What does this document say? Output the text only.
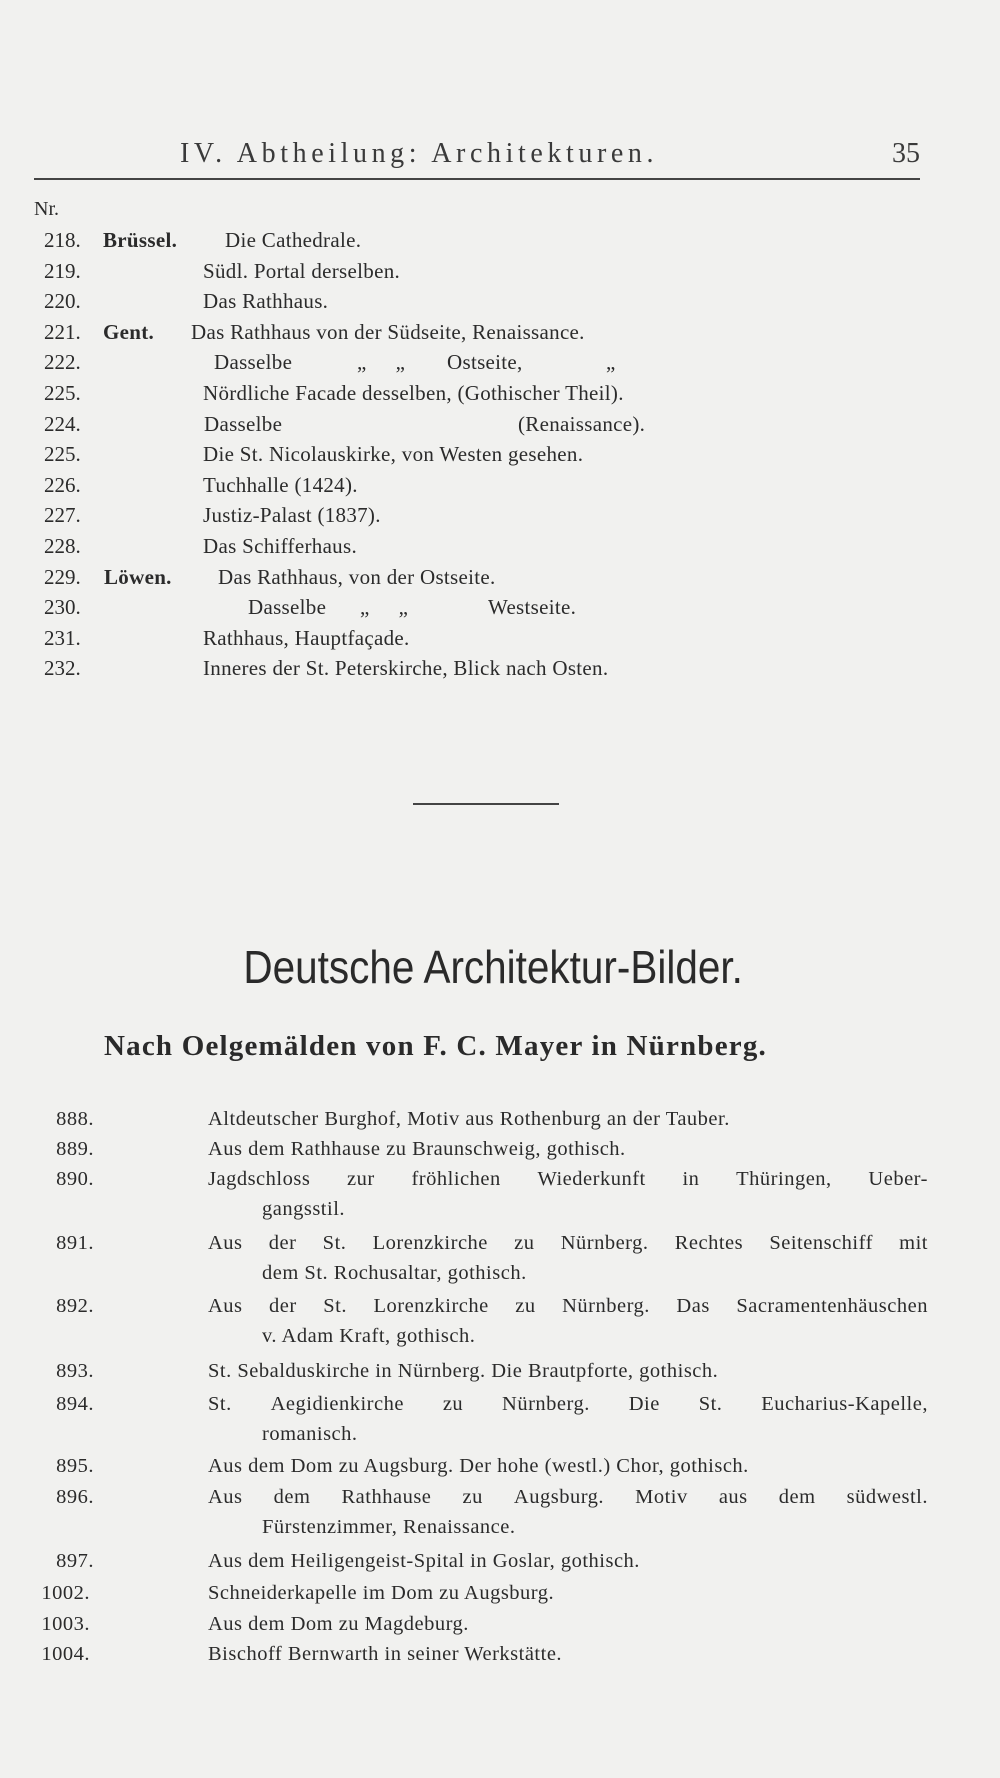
IV. Abtheilung: Architekturen.	35
Nr.
218. Brüssel. Die Cathedrale.
219.	Südl. Portal derselben.
220.	Das Rathhaus.
221. Gent. Das Rathhaus von der Südseite, Renaissance.
222.	Dasselbe	„ „ Ostseite,	„
225.	Nördliche Facade desselben, (Gothischer Theil).
224.	Dasselbe	(Renaissance).
225.	Die St. Nicolauskirke, von Westen gesehen.
226.	Tuchhalle (1424).
227.	Justiz-Palast (1837).
228.	Das Schifferhaus.
229. Löwen. Das Rathhaus, von der Ostseite.
230.	Dasselbe „ „	Westseite.
231.	Rathhaus, Hauptfaçade.
232.	Inneres der St. Peterskirche, Blick nach Osten.
Deutsche Architektur-Bilder.
Nach Oelgemälden von F. C. Mayer in Nürnberg.
888.	Altdeutscher Burghof, Motiv aus Rothenburg an der Tauber.
889.	Aus dem Rathhause zu Braunschweig, gothisch.
890.	Jagdschloss zur fröhlichen Wiederkunft in Thüringen, Ueber-
gangsstil.
891.	Aus der St. Lorenzkirche zu Nürnberg. Rechtes Seitenschiff mit
dem St. Rochusaltar, gothisch.
892.	Aus der St. Lorenzkirche zu Nürnberg. Das Sacramentenhäuschen
v. Adam Kraft, gothisch.
893.	St. Sebalduskirche in Nürnberg. Die Brautpforte, gothisch.
894.	St. Aegidienkirche zu Nürnberg. Die St. Eucharius-Kapelle,
romanisch.
895.	Aus dem Dom zu Augsburg. Der hohe (westl.) Chor, gothisch.
896.	Aus dem Rathhause zu Augsburg. Motiv aus dem südwestl.
Fürstenzimmer, Renaissance.
897.	Aus dem Heiligengeist-Spital in Goslar, gothisch.
1002.	Schneiderkapelle im Dom zu Augsburg.
1003.	Aus dem Dom zu Magdeburg.
1004.	Bischoff Bernwarth in seiner Werkstätte.
